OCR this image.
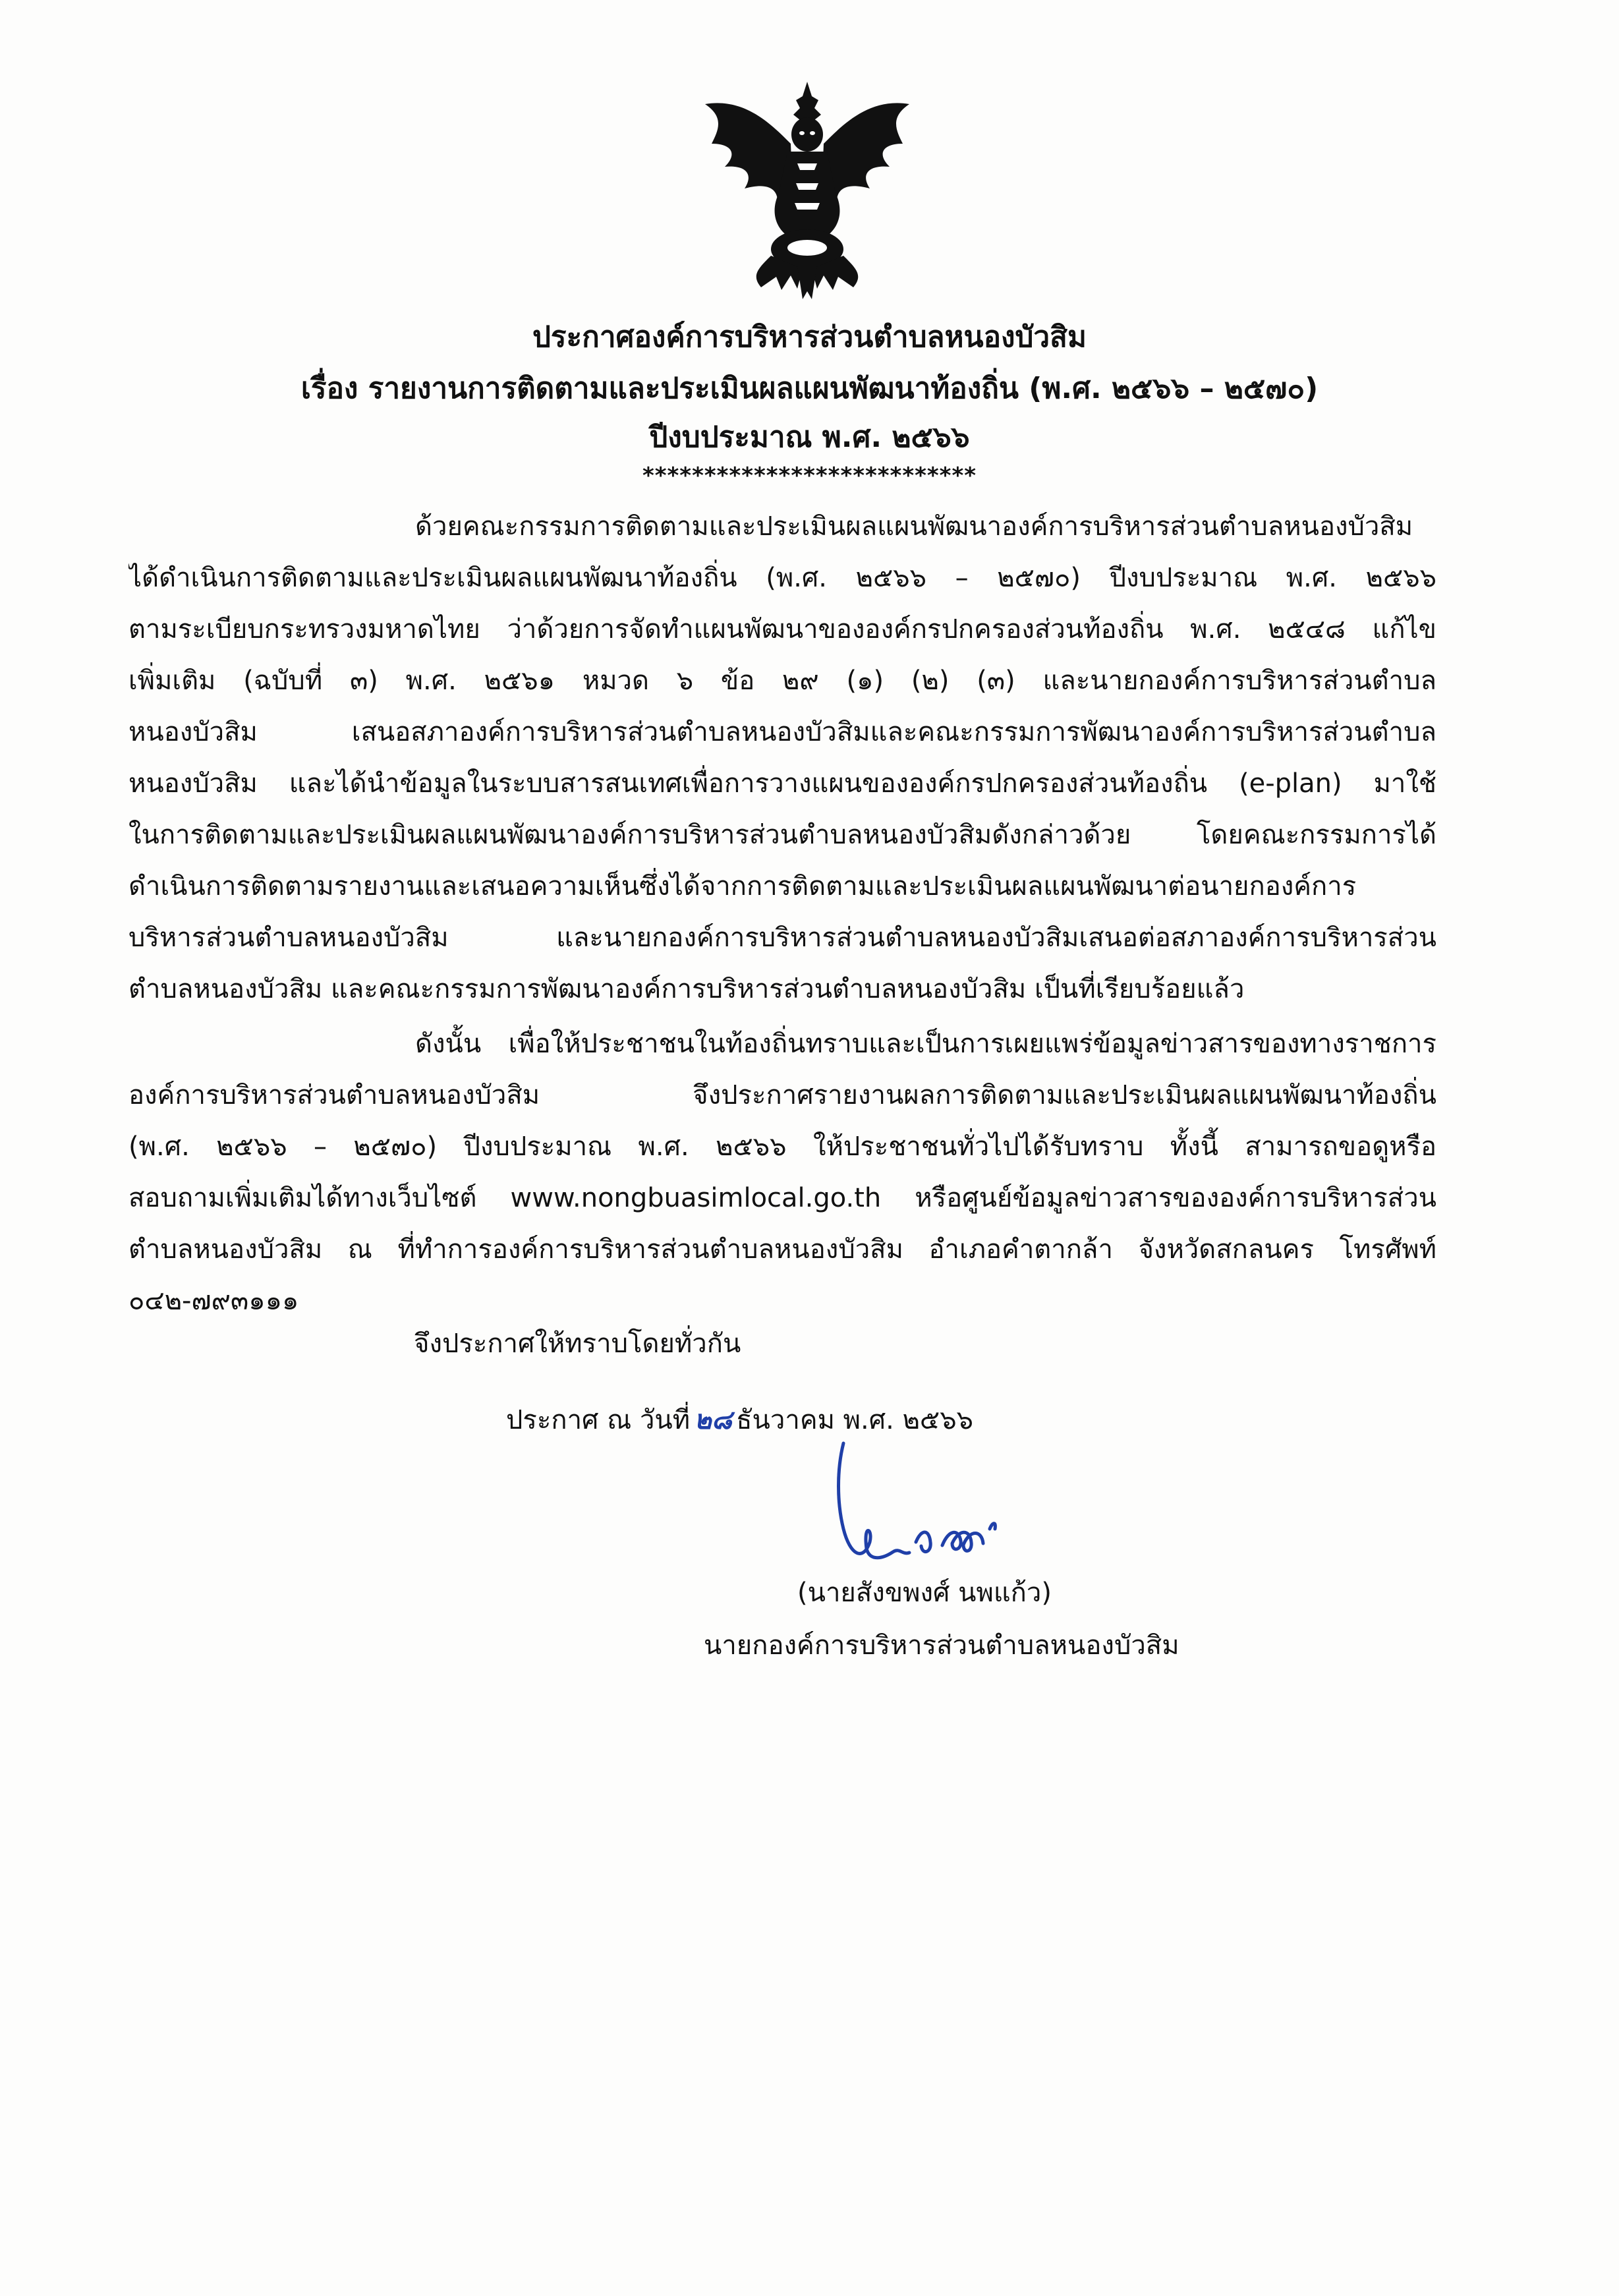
ประกาศองค์การบริหารส่วนตำบลหนองบัวสิม
เรื่อง รายงานการติดตามและประเมินผลแผนพัฒนาท้องถิ่น (พ.ศ. ๒๕๖๖ – ๒๕๗๐)
ปีงบประมาณ พ.ศ. ๒๕๖๖
***************************
ด้วยคณะกรรมการติดตามและประเมินผลแผนพัฒนาองค์การบริหารส่วนตำบลหนองบัวสิม
ได้ดำเนินการติดตามและประเมินผลแผนพัฒนาท้องถิ่น (พ.ศ. ๒๕๖๖ – ๒๕๗๐) ปีงบประมาณ พ.ศ. ๒๕๖๖
ตามระเบียบกระทรวงมหาดไทย ว่าด้วยการจัดทำแผนพัฒนาขององค์กรปกครองส่วนท้องถิ่น พ.ศ. ๒๕๔๘ แก้ไข
เพิ่มเติม (ฉบับที่ ๓) พ.ศ. ๒๕๖๑ หมวด ๖ ข้อ ๒๙ (๑) (๒) (๓) และนายกองค์การบริหารส่วนตำบล
หนองบัวสิม เสนอสภาองค์การบริหารส่วนตำบลหนองบัวสิมและคณะกรรมการพัฒนาองค์การบริหารส่วนตำบล
หนองบัวสิม และได้นำข้อมูลในระบบสารสนเทศเพื่อการวางแผนขององค์กรปกครองส่วนท้องถิ่น (e-plan) มาใช้
ในการติดตามและประเมินผลแผนพัฒนาองค์การบริหารส่วนตำบลหนองบัวสิมดังกล่าวด้วย โดยคณะกรรมการได้
ดำเนินการติดตามรายงานและเสนอความเห็นซึ่งได้จากการติดตามและประเมินผลแผนพัฒนาต่อนายกองค์การ
บริหารส่วนตำบลหนองบัวสิม และนายกองค์การบริหารส่วนตำบลหนองบัวสิมเสนอต่อสภาองค์การบริหารส่วน
ตำบลหนองบัวสิม และคณะกรรมการพัฒนาองค์การบริหารส่วนตำบลหนองบัวสิม เป็นที่เรียบร้อยแล้ว
ดังนั้น เพื่อให้ประชาชนในท้องถิ่นทราบและเป็นการเผยแพร่ข้อมูลข่าวสารของทางราชการ
องค์การบริหารส่วนตำบลหนองบัวสิม จึงประกาศรายงานผลการติดตามและประเมินผลแผนพัฒนาท้องถิ่น
(พ.ศ. ๒๕๖๖ – ๒๕๗๐) ปีงบประมาณ พ.ศ. ๒๕๖๖ ให้ประชาชนทั่วไปได้รับทราบ ทั้งนี้ สามารถขอดูหรือ
สอบถามเพิ่มเติมได้ทางเว็บไซต์ www.nongbuasimlocal.go.th หรือศูนย์ข้อมูลข่าวสารขององค์การบริหารส่วน
ตำบลหนองบัวสิม ณ ที่ทำการองค์การบริหารส่วนตำบลหนองบัวสิม อำเภอคำตากล้า จังหวัดสกลนคร โทรศัพท์
๐๔๒-๗๙๓๑๑๑
จึงประกาศให้ทราบโดยทั่วกัน
ประกาศ ณ วันที่ ๒๘ ธันวาคม พ.ศ. ๒๕๖๖
(นายสังขพงศ์ นพแก้ว)
นายกองค์การบริหารส่วนตำบลหนองบัวสิม
